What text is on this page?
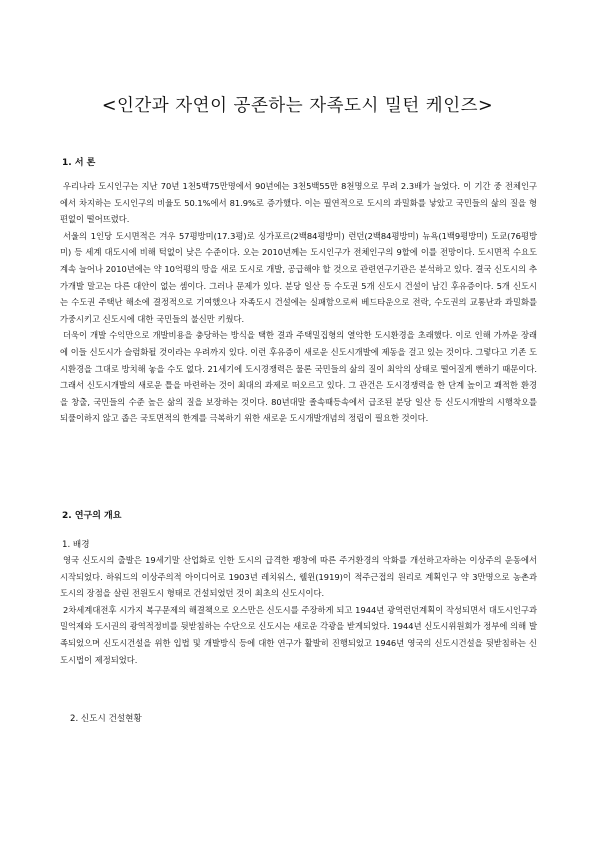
<인간과 자연이 공존하는 자족도시 밀턴 케인즈>
1. 서 론

우리나라 도시인구는 지난 70년 1천5백75만명에서 90년에는 3천5백55만 8천명으로 무려 2.3배가 늘었다. 이 기간 중 전체인구에서 차지하는 도시인구의 비율도 50.1%에서 81.9%로 증가했다. 이는 필연적으로 도시의 과밀화를 낳았고 국민들의 삶의 질을 형편없이 떨어뜨렸다.

서울의 1인당 도시면적은 겨우 57평방미(17.3평)로 싱가포르(2백84평방미) 런던(2백84평방미) 뉴욕(1백9평방미) 도쿄(76평방미) 등 세계 대도시에 비해 턱없이 낮은 수준이다. 오는 2010년께는 도시인구가 전체인구의 9할에 이를 전망이다. 도시면적 수요도 계속 늘어나 2010년에는 약 10억평의 땅을 새로 도시로 개발, 공급해야 할 것으로 관련연구기관은 분석하고 있다. 결국 신도시의 추가개발 말고는 다른 대안이 없는 셈이다. 그러나 문제가 있다. 분당 일산 등 수도권 5개 신도시 건설이 남긴 후유증이다. 5개 신도시는 수도권 주택난 해소에 결정적으로 기여했으나 자족도시 건설에는 실패함으로써 베드타운으로 전락, 수도권의 교통난과 과밀화를 가중시키고 신도시에 대한 국민들의 불신만 키웠다.

더욱이 개발 수익만으로 개발비용을 충당하는 방식을 택한 결과 주택밀집형의 열악한 도시환경을 초래했다. 이로 인해 가까운 장래에 이들 신도시가 슬럼화될 것이라는 우려까지 있다. 이런 후유증이 새로운 신도시개발에 제동을 걸고 있는 것이다. 그렇다고 기존 도시환경을 그대로 방치해 놓을 수도 없다. 21세기에 도시경쟁력은 물론 국민들의 삶의 질이 최악의 상태로 떨어질게 뻔하기 때문이다. 그래서 신도시개발의 새로운 틀을 마련하는 것이 최대의 과제로 떠오르고 있다. 그 관건은 도시경쟁력을 한 단계 높이고 쾌적한 환경을 창출, 국민들의 수준 높은 삶의 질을 보장하는 것이다. 80년대말 졸속때등속에서 급조된 분당 일산 등 신도시개발의 시행착오를 되풀이하지 않고 좁은 국토면적의 한계를 극복하기 위한 새로운 도시개발개념의 정립이 필요한 것이다.

2. 연구의 개요
1. 배경

영국 신도시의 출발은 19세기말 산업화로 인한 도시의 급격한 팽창에 따른 주거환경의 악화를 개선하고자하는 이상주의 운동에서 시작되었다. 하워드의 이상주의적 아이디어로 1903년 레치워스, 웰윈(1919)이 적주근접의 원리로 계획인구 약 3만명으로 농촌과 도시의 장점을 살린 전원도시 형태로 건설되었던 것이 최초의 신도시이다.

2차세계대전후 시가지 복구문제의 해결책으로 오스만은 신도시를 주장하게 되고 1944년 광역런던계획이 작성되면서 대도시인구과밀억제와 도시권의 광역적정비를 뒷받침하는 수단으로 신도시는 새로운 각광을 받게되었다. 1944년 신도시위원회가 정부에 의해 발족되었으며 신도시건설을 위한 입법 및 개발방식 등에 대한 연구가 활발히 진행되었고 1946년 영국의 신도시건설을 뒷받침하는 신도시법이 제정되었다.

2. 신도시 건설현황
